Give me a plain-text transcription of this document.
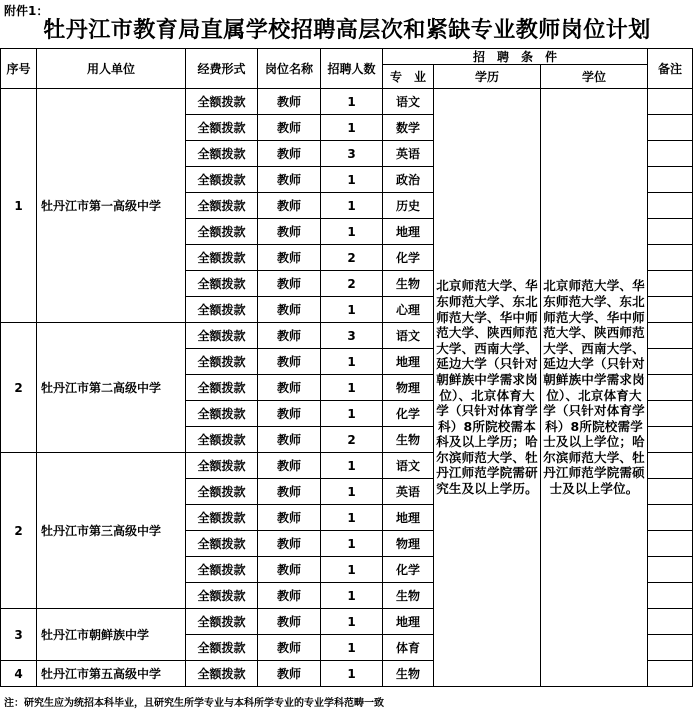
附件1：
牡丹江市教育局直属学校招聘高层次和紧缺专业教师岗位计划
序号	用人单位	经费形式	岗位名称	招聘人数	招　聘　条　件			备注
					专　业	学历	学位	
1	牡丹江市第一高级中学	全额拨款	教师	1	语文	北京师范大学、华东师范大学、东北师范大学、华中师范大学、陕西师范大学、西南大学、延边大学（只针对朝鲜族中学需求岗位）、北京体育大学（只针对体育学科）8所院校需本科及以上学历；哈尔滨师范大学、牡丹江师范学院需研究生及以上学历。	北京师范大学、华东师范大学、东北师范大学、华中师范大学、陕西师范大学、西南大学、延边大学（只针对朝鲜族中学需求岗位）、北京体育大学（只针对体育学科）8所院校需学士及以上学位；哈尔滨师范大学、牡丹江师范学院需硕士及以上学位。	
		全额拨款	教师	1	数学			
		全额拨款	教师	3	英语			
		全额拨款	教师	1	政治			
		全额拨款	教师	1	历史			
		全额拨款	教师	1	地理			
		全额拨款	教师	2	化学			
		全额拨款	教师	2	生物			
		全额拨款	教师	1	心理			
2	牡丹江市第二高级中学	全额拨款	教师	3	语文			
		全额拨款	教师	1	地理			
		全额拨款	教师	1	物理			
		全额拨款	教师	1	化学			
		全额拨款	教师	2	生物			
2	牡丹江市第三高级中学	全额拨款	教师	1	语文			
		全额拨款	教师	1	英语			
		全额拨款	教师	1	地理			
		全额拨款	教师	1	物理			
		全额拨款	教师	1	化学			
		全额拨款	教师	1	生物			
3	牡丹江市朝鲜族中学	全额拨款	教师	1	地理			
		全额拨款	教师	1	体育			
4	牡丹江市第五高级中学	全额拨款	教师	1	生物			
注：研究生应为统招本科毕业，且研究生所学专业与本科所学专业的专业学科范畴一致
